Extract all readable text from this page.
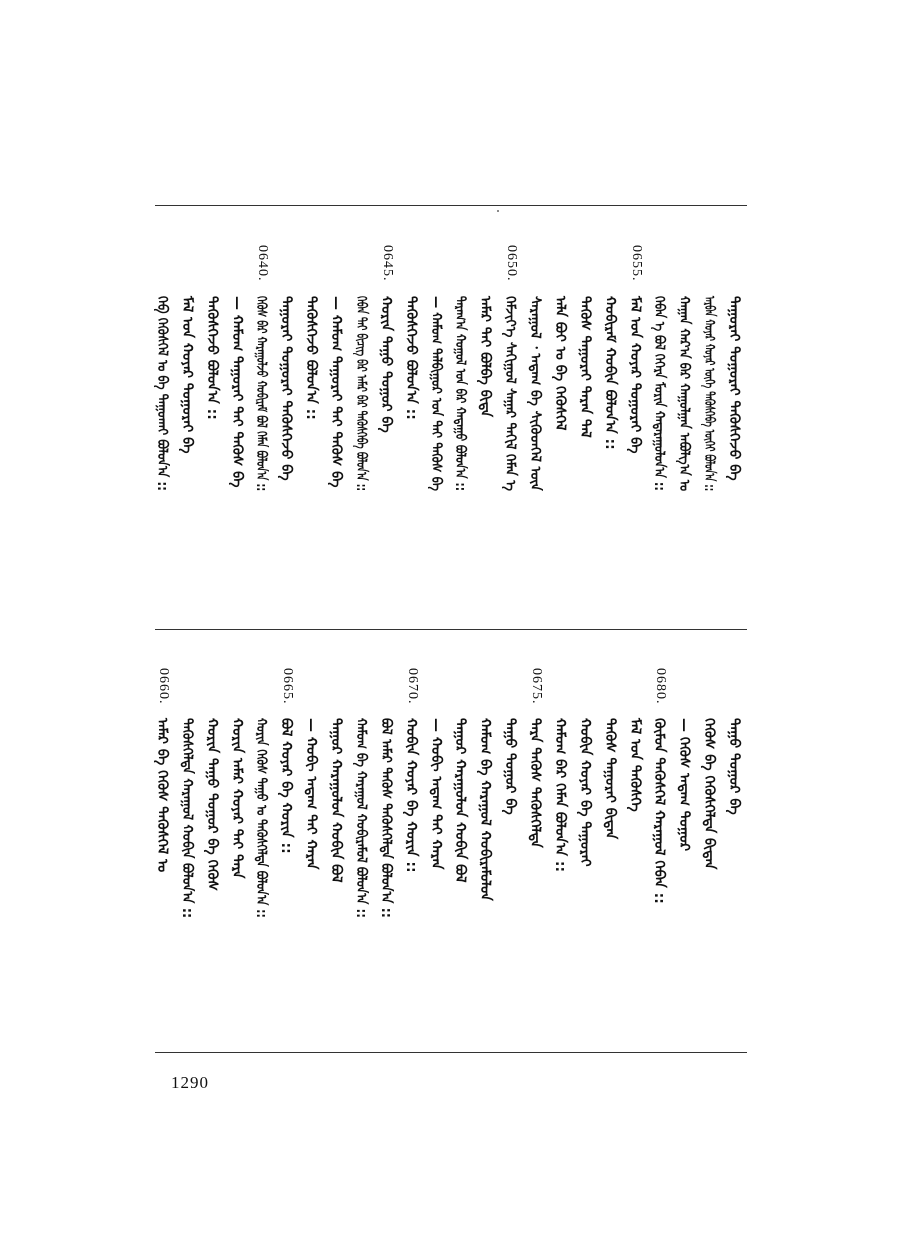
ᠲᠠᠭᠤᠷᠠᠢ ᠲᠣᠭᠣᠷᠠᠢ ᠲᠡᠭᠦᠰᠬᠡᠵᠦ ᠪᠡ
ᠠᠷᠪᠠᠨ ᠬᠣᠶᠠᠷ ᠬᠣᠶᠠᠷ ᠦᠭᠡ ᠲᠡᠭᠦᠰᠬᠡᠪᠡ ᠦᠭᠡᠢ ᠪᠣᠯᠤᠨ᠎ᠠ ::
ᠬᠠᠭᠠᠨ ᠬᠠᠷ᠎ᠠ ᠪᠡᠷ ᠬᠠᠭᠤᠯᠭᠠᠨ ᠠᠪᠤᠯᠭ᠎ᠠ ᠤ
ᠬᠡᠪᠡᠨ ᠡ ᠪᠣᠯ ᠬᠡᠭᠡᠷᠡ ᠮᠣᠷᠢᠨ ᠬᠠᠲᠠᠷᠠᠭᠤᠯᠤᠨ᠎ᠠ ::
0655.
ᠮᠠᠯ ᠤᠨ ᠬᠣᠶᠠᠷ ᠲᠣᠭᠣᠷᠠᠢ ᠪᠠ
ᠬᠣᠪᠢᠷᠠᠮ ᠬᠣᠪᠢᠨ ᠪᠣᠯᠤᠨ᠎ᠠ ::
ᠲᠡᠭᠦᠰ ᠲᠠᠭᠤᠷᠠᠢ ᠲᠠᠷᠠᠨ ᠲᠠᠯ
ᠠᠯᠠ ᠪᠣᠢ ᠤ ᠪᠡ ᠬᠡᠭᠦᠰᠬᠡᠯ
ᠰᠠᠷᠠᠭᠤᠯ ᠂ ᠠᠳᠠᠭ ᠪᠠ ᠰᠢᠭᠦᠳᠬᠡᠯ ᠦᠨ
0650.
ᠬᠡᠮᠵᠢᠶ᠎ᠡ ᠰᠠᠬᠢᠭᠤᠯ ᠰᠠᠭᠠᠷ ᠲᠠᠬᠢᠯ ᠬᠡᠮᠡᠨ ᠡ
ᠠᠮᠠᠷ ᠲᠠᠢ ᠪᠣᠯᠪᠠ ᠪᠢᠳᠡ
ᠲᠠᠷᠠᠭ᠎ᠠ ᠬᠣᠭᠤᠯ ᠤᠨ ᠪᠡᠷ ᠬᠠᠲᠠᠭᠤ ᠪᠣᠯᠤᠨ᠎ᠠ ::
— ᠬᠠᠮᠤᠭ ᠲᠠᠯᠪᠢᠭᠤᠷ ᠤᠨ ᠲᠡᠢ ᠲᠡᠭᠦᠰ ᠪᠡ
ᠲᠡᠭᠦᠰᠬᠡᠵᠦ ᠪᠣᠯᠤᠨ᠎ᠠ ::
0645.
ᠬᠣᠷᠢᠨ ᠲᠠᠭᠤ ᠲᠣᠭᠣᠷ ᠪᠠ
ᠬᠡᠪᠡᠨ ᠲᠡᠢ ᠪᠢᠴᠢᠭ ᠪᠡᠷ ᠠᠮᠠᠷ ᠪᠡᠷ ᠲᠡᠭᠦᠰᠬᠡᠪᠡ ᠪᠣᠯᠤᠨ᠎ᠠ ::
— ᠬᠠᠮᠤᠭ ᠲᠠᠭᠤᠷᠠᠢ ᠲᠡᠢ ᠲᠡᠭᠦᠰ ᠪᠡ
ᠲᠡᠭᠦᠰᠬᠡᠵᠦ ᠪᠣᠯᠤᠨ᠎ᠠ ::
ᠲᠠᠭᠤᠷᠠᠢ ᠲᠣᠭᠣᠷᠠᠢ ᠲᠡᠭᠦᠰᠬᠡᠵᠦ ᠪᠡ
0640.
ᠬᠡᠭᠦᠰ ᠪᠡᠷ ᠬᠠᠷᠠᠭᠤᠯᠵᠤ ᠬᠣᠪᠢᠷᠠᠮ ᠪᠣᠯ ᠬᠡᠮᠡᠨ ᠪᠣᠯᠤᠨ᠎ᠠ ::
— ᠬᠠᠮᠤᠭ ᠲᠠᠭᠤᠷᠠᠢ ᠲᠡᠢ ᠲᠡᠭᠦᠰ ᠪᠡ
ᠲᠡᠭᠦᠰᠬᠡᠵᠦ ᠪᠣᠯᠤᠨ᠎ᠠ ::
ᠮᠠᠯ ᠤᠨ ᠬᠣᠶᠠᠷ ᠲᠣᠭᠣᠷᠠᠢ ᠪᠠ
ᠬᠡᠪ ᠬᠡᠭᠦᠰᠬᠡᠯ ᠤ ᠪᠠ ᠲᠠᠭᠤᠬᠠᠢ ᠪᠣᠯᠤᠨ᠎ᠠ ::
ᠲᠠᠭᠤ ᠲᠣᠭᠣᠷ ᠪᠠ
ᠬᠡᠭᠦᠰ ᠪᠡ ᠬᠡᠭᠦᠰᠬᠡᠯᠳᠡ ᠪᠢᠳᠡᠨ
— ᠬᠡᠭᠦᠰ ᠠᠳᠠᠭ ᠲᠣᠭᠣᠷ
0680.
ᠬᠦᠮᠦᠨ ᠲᠡᠭᠦᠰᠬᠡᠯ ᠬᠠᠷᠠᠭᠤᠯ ᠬᠡᠪᠡᠨ ::
ᠮᠠᠯ ᠤᠨ ᠲᠡᠭᠦᠰᠬᠡ
ᠲᠡᠭᠦᠰ ᠲᠠᠭᠤᠷᠠᠢ ᠪᠢᠳᠡᠨ
ᠬᠣᠪᠢᠨ ᠬᠣᠶᠠᠷ ᠪᠠ ᠲᠠᠭᠤᠷᠠᠢ
ᠬᠠᠮᠤᠭ ᠪᠡᠷ ᠬᠡᠮᠡᠨ ᠪᠣᠯᠤᠨ᠎ᠠ ::
0675.
ᠲᠠᠷᠠ ᠲᠡᠭᠦᠰ ᠲᠡᠭᠦᠰᠬᠡᠯᠳᠡ
ᠲᠠᠭᠤ ᠲᠣᠭᠣᠷ ᠪᠠ
ᠬᠠᠮᠤᠭ ᠪᠠ ᠬᠠᠷᠠᠭᠤᠯ ᠬᠣᠪᠢᠷᠠᠮᠤᠯᠤᠨ
ᠲᠠᠭᠤᠷ ᠬᠠᠷᠠᠭᠤᠯᠤᠨ ᠬᠣᠪᠢᠨ ᠪᠣᠯ
— ᠬᠣᠪᠢ ᠠᠳᠠᠭ ᠲᠡᠢ ᠬᠠᠷᠠᠨ
0670.
ᠬᠣᠪᠢᠨ ᠬᠣᠶᠠᠷ ᠪᠠ ᠬᠣᠷᠢᠨ ::
ᠪᠣᠯ ᠠᠮᠠᠷ ᠲᠡᠭᠦᠰ ᠲᠡᠭᠦᠰᠬᠡᠯᠳᠡ ᠪᠣᠯᠤᠨ᠎ᠠ ::
ᠬᠠᠮᠤᠭ ᠪᠠ ᠬᠠᠷᠠᠭᠤᠯ ᠬᠣᠪᠢᠷᠠᠮᠤᠯ ᠪᠣᠯᠤᠨ᠎ᠠ ::
ᠲᠠᠭᠤᠷ ᠬᠠᠷᠠᠭᠤᠯᠤᠨ ᠬᠣᠪᠢᠨ ᠪᠣᠯ
— ᠬᠣᠪᠢ ᠠᠳᠠᠭ ᠲᠡᠢ ᠬᠠᠷᠠᠨ
0665.
ᠪᠣᠯ ᠬᠣᠶᠠᠷ ᠪᠠ ᠬᠣᠷᠢᠨ ::
ᠬᠣᠷᠢᠨ ᠬᠡᠭᠦᠰ ᠲᠠᠭᠤ ᠤ ᠲᠡᠭᠦᠰᠬᠡᠯᠳᠡ ᠪᠣᠯᠤᠨ᠎ᠠ ::
ᠬᠣᠷᠢᠨ ᠠᠮᠠᠷ ᠬᠣᠶᠠᠷ ᠲᠡᠢ ᠲᠠᠷᠠ
ᠬᠣᠷᠢᠨ ᠲᠠᠭᠤ ᠲᠣᠭᠣᠷ ᠪᠠ ᠬᠡᠭᠦᠰ
ᠲᠡᠭᠦᠰᠬᠡᠯᠳᠡ ᠬᠠᠷᠠᠭᠤᠯ ᠬᠣᠪᠢᠨ ᠪᠣᠯᠤᠨ᠎ᠠ ::
0660.
ᠠᠮᠠᠷ ᠪᠠ ᠬᠡᠭᠦᠰ ᠲᠡᠭᠦᠰᠬᠡᠯ ᠤ
1290
